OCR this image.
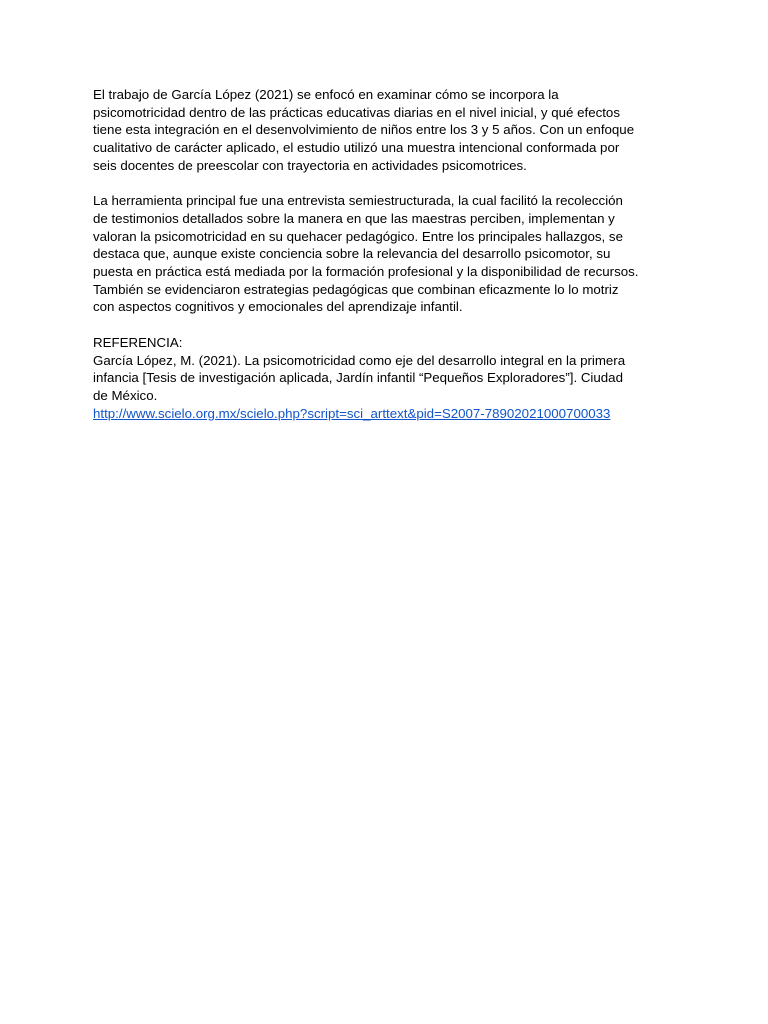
El trabajo de García López (2021) se enfocó en examinar cómo se incorpora la
psicomotricidad dentro de las prácticas educativas diarias en el nivel inicial, y qué efectos
tiene esta integración en el desenvolvimiento de niños entre los 3 y 5 años. Con un enfoque
cualitativo de carácter aplicado, el estudio utilizó una muestra intencional conformada por
seis docentes de preescolar con trayectoria en actividades psicomotrices.
La herramienta principal fue una entrevista semiestructurada, la cual facilitó la recolección
de testimonios detallados sobre la manera en que las maestras perciben, implementan y
valoran la psicomotricidad en su quehacer pedagógico. Entre los principales hallazgos, se
destaca que, aunque existe conciencia sobre la relevancia del desarrollo psicomotor, su
puesta en práctica está mediada por la formación profesional y la disponibilidad de recursos.
También se evidenciaron estrategias pedagógicas que combinan eficazmente lo lo motriz
con aspectos cognitivos y emocionales del aprendizaje infantil.
REFERENCIA:
García López, M. (2021). La psicomotricidad como eje del desarrollo integral en la primera
infancia [Tesis de investigación aplicada, Jardín infantil “Pequeños Exploradores”]. Ciudad
de México.
http://www.scielo.org.mx/scielo.php?script=sci_arttext&pid=S2007-78902021000700033
